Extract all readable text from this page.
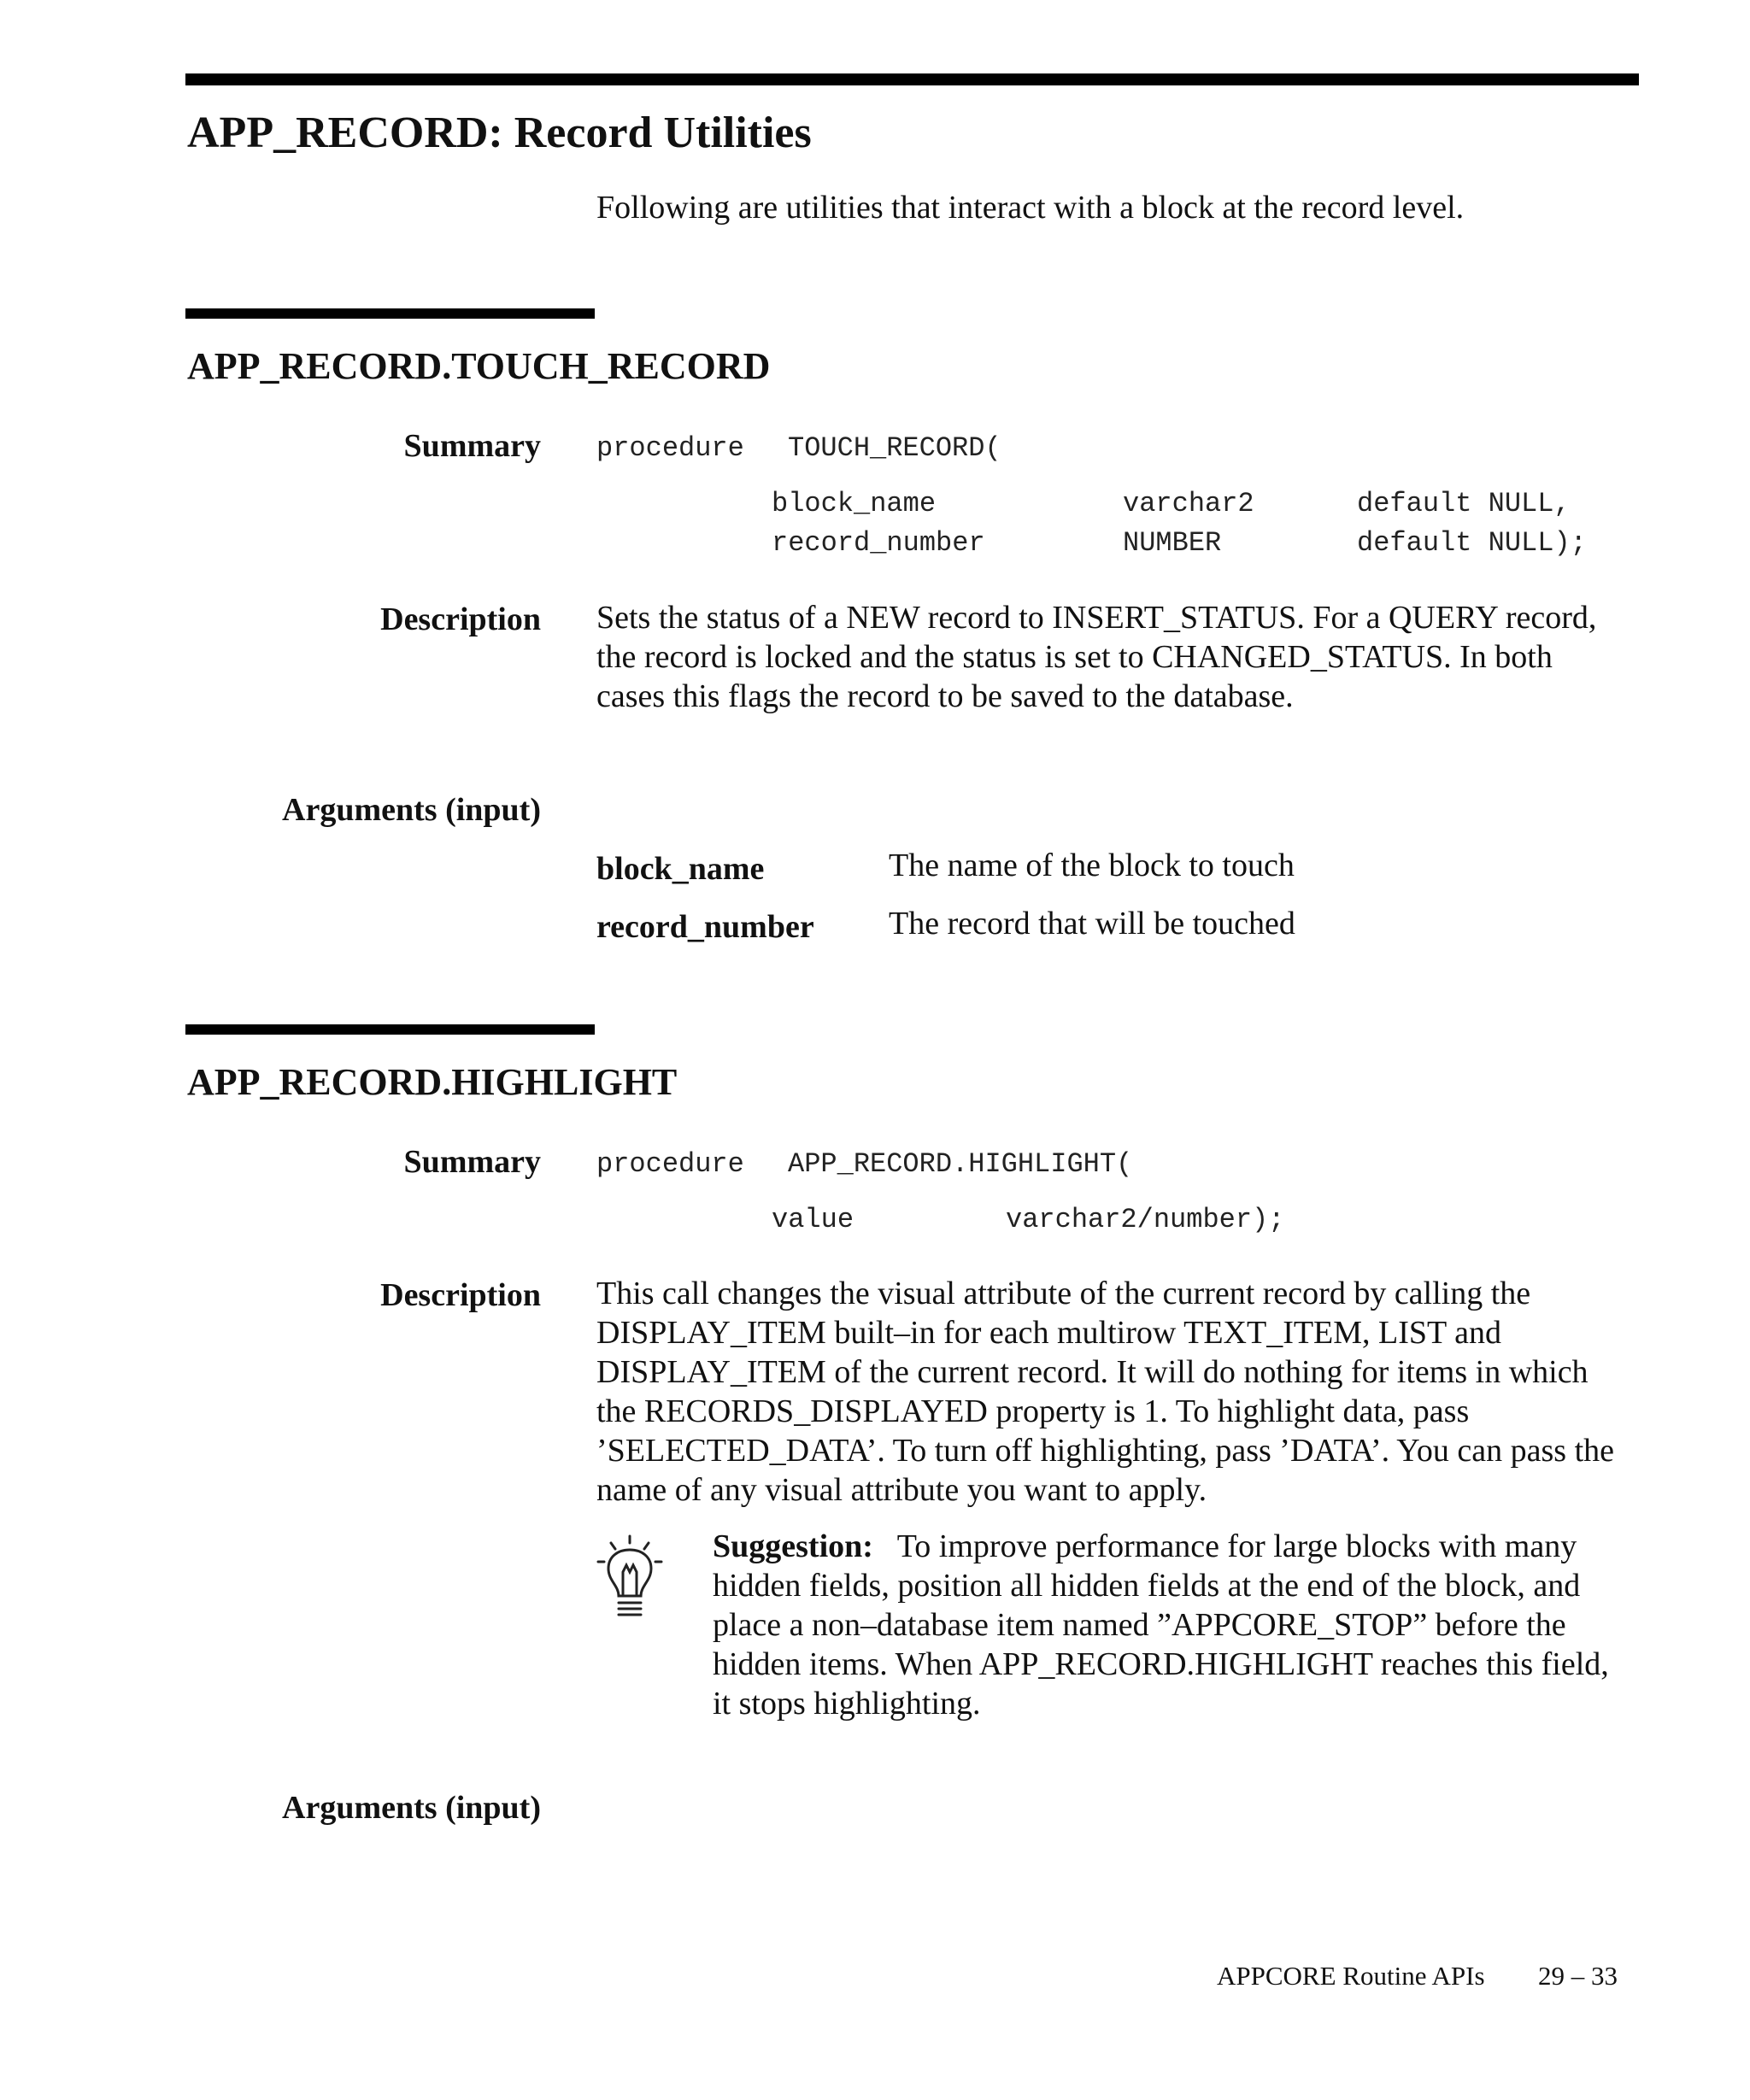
APP_RECORD: Record Utilities
Following are utilities that interact with a block at the record level.
APP_RECORD.TOUCH_RECORD
Summary procedure TOUCH_RECORD(
block_name	varchar2	default NULL,
record_number	NUMBER	default NULL);
Description Sets the status of a NEW record to INSERT_STATUS. For a QUERY record, the record is locked and the status is set to CHANGED_STATUS. In both cases this flags the record to be saved to the database.
Arguments (input)
block_name	The name of the block to touch
record_number The record that will be touched
APP_RECORD.HIGHLIGHT
Summary procedure APP_RECORD.HIGHLIGHT(
value	varchar2/number);
Description This call changes the visual attribute of the current record by calling the DISPLAY_ITEM built–in for each multirow TEXT_ITEM, LIST and DISPLAY_ITEM of the current record. It will do nothing for items in which the RECORDS_DISPLAYED property is 1. To highlight data, pass ’SELECTED_DATA’. To turn off highlighting, pass ’DATA’. You can pass the name of any visual attribute you want to apply.
Suggestion: To improve performance for large blocks with many hidden fields, position all hidden fields at the end of the block, and place a non–database item named ”APPCORE_STOP” before the hidden items. When APP_RECORD.HIGHLIGHT reaches this field, it stops highlighting.
Arguments (input)
APPCORE Routine APIs 29 – 33
